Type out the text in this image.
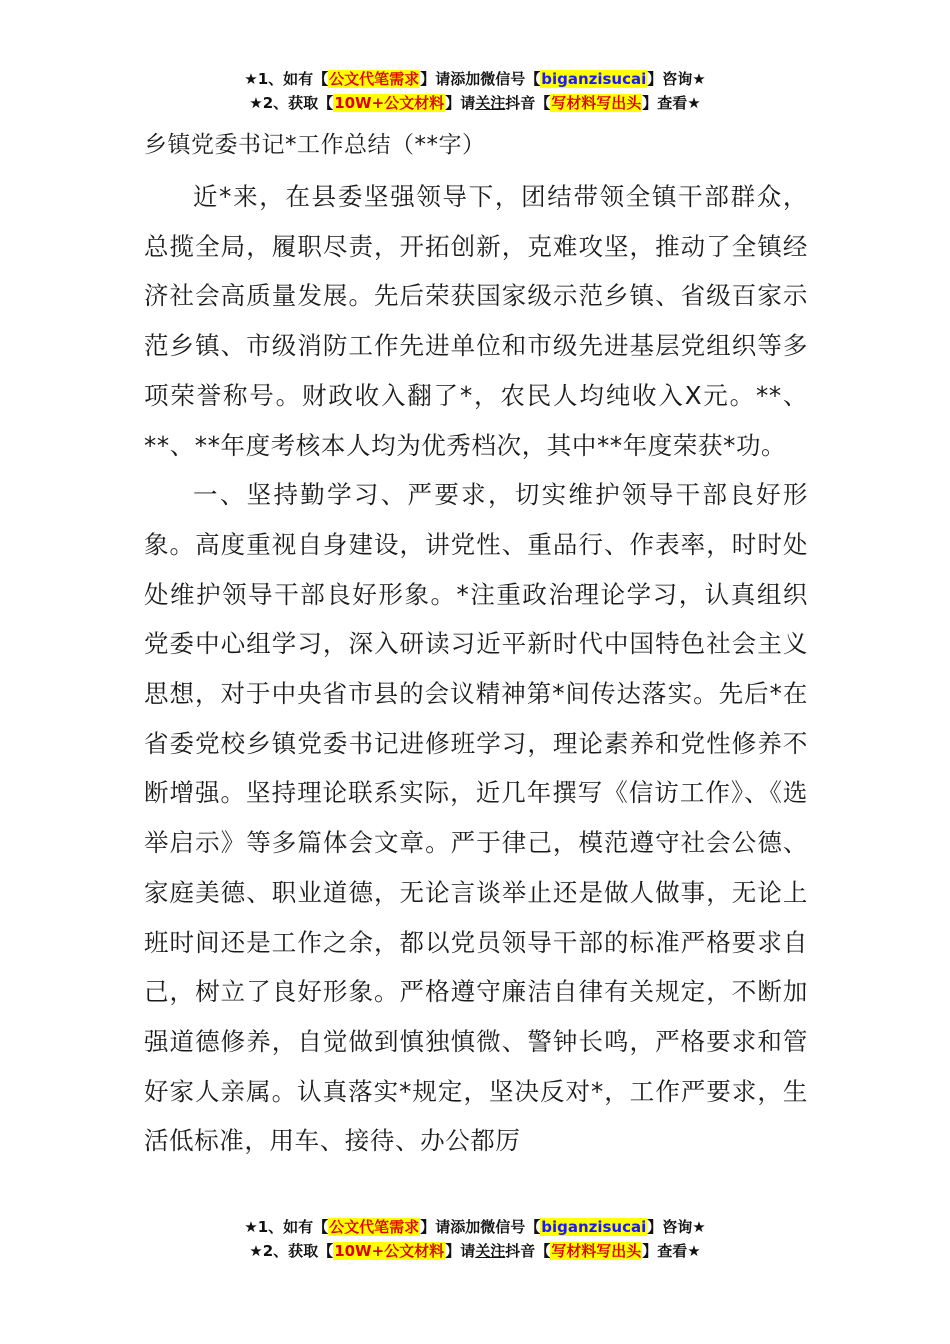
★1、如有【公文代笔需求】请添加微信号【biganzisucai】咨询★
★2、获取【10W+公文材料】请关注抖音【写材料写出头】查看★
乡镇党委书记*工作总结（**字）

近*来，在县委坚强领导下，团结带领全镇干部群众，总揽全局，履职尽责，开拓创新，克难攻坚，推动了全镇经济社会高质量发展。先后荣获国家级示范乡镇、省级百家示范乡镇、市级消防工作先进单位和市级先进基层党组织等多项荣誉称号。财政收入翻了*，农民人均纯收入X元。**、**、**年度考核本人均为优秀档次，其中**年度荣获*功。

一、坚持勤学习、严要求，切实维护领导干部良好形象。高度重视自身建设，讲党性、重品行、作表率，时时处处维护领导干部良好形象。*注重政治理论学习，认真组织党委中心组学习，深入研读习近平新时代中国特色社会主义思想，对于中央省市县的会议精神第*间传达落实。先后*在省委党校乡镇党委书记进修班学习，理论素养和党性修养不断增强。坚持理论联系实际，近几年撰写《信访工作》、《选举启示》等多篇体会文章。严于律己，模范遵守社会公德、家庭美德、职业道德，无论言谈举止还是做人做事，无论上班时间还是工作之余，都以党员领导干部的标准严格要求自己，树立了良好形象。严格遵守廉洁自律有关规定，不断加强道德修养，自觉做到慎独慎微、警钟长鸣，严格要求和管好家人亲属。认真落实*规定，坚决反对*，工作严要求，生活低标准，用车、接待、办公都厉

★1、如有【公文代笔需求】请添加微信号【biganzisucai】咨询★
★2、获取【10W+公文材料】请关注抖音【写材料写出头】查看★
